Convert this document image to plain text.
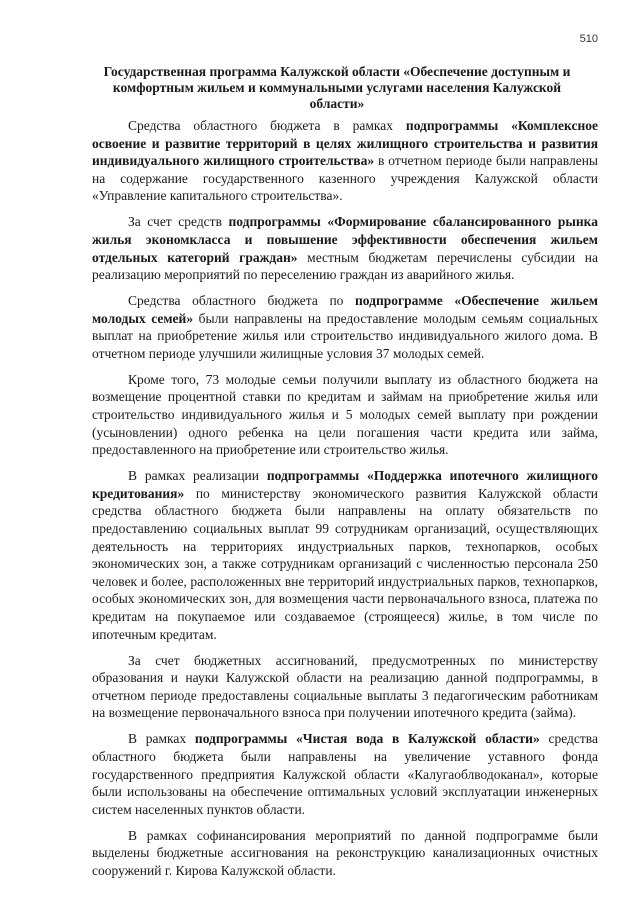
510
Государственная программа Калужской области «Обеспечение доступным и комфортным жильем и коммунальными услугами населения Калужской области»

Средства областного бюджета в рамках подпрограммы «Комплексное освоение и развитие территорий в целях жилищного строительства и развития индивидуального жилищного строительства» в отчетном периоде были направлены на содержание государственного казенного учреждения Калужской области «Управление капитального строительства».

За счет средств подпрограммы «Формирование сбалансированного рынка жилья экономкласса и повышение эффективности обеспечения жильем отдельных категорий граждан» местным бюджетам перечислены субсидии на реализацию мероприятий по переселению граждан из аварийного жилья.

Средства областного бюджета по подпрограмме «Обеспечение жильем молодых семей» были направлены на предоставление молодым семьям социальных выплат на приобретение жилья или строительство индивидуального жилого дома. В отчетном периоде улучшили жилищные условия 37 молодых семей.

Кроме того, 73 молодые семьи получили выплату из областного бюджета на возмещение процентной ставки по кредитам и займам на приобретение жилья или строительство индивидуального жилья и 5 молодых семей выплату при рождении (усыновлении) одного ребенка на цели погашения части кредита или займа, предоставленного на приобретение или строительство жилья.

В рамках реализации подпрограммы «Поддержка ипотечного жилищного кредитования» по министерству экономического развития Калужской области средства областного бюджета были направлены на оплату обязательств по предоставлению социальных выплат 99 сотрудникам организаций, осуществляющих деятельность на территориях индустриальных парков, технопарков, особых экономических зон, а также сотрудникам организаций с численностью персонала 250 человек и более, расположенных вне территорий индустриальных парков, технопарков, особых экономических зон, для возмещения части первоначального взноса, платежа по кредитам на покупаемое или создаваемое (строящееся) жилье, в том числе по ипотечным кредитам.

За счет бюджетных ассигнований, предусмотренных по министерству образования и науки Калужской области на реализацию данной подпрограммы, в отчетном периоде предоставлены социальные выплаты 3 педагогическим работникам на возмещение первоначального взноса при получении ипотечного кредита (займа).

В рамках подпрограммы «Чистая вода в Калужской области» средства областного бюджета были направлены на увеличение уставного фонда государственного предприятия Калужской области «Калугаоблводоканал», которые были использованы на обеспечение оптимальных условий эксплуатации инженерных систем населенных пунктов области.

В рамках софинансирования мероприятий по данной подпрограмме были выделены бюджетные ассигнования на реконструкцию канализационных очистных сооружений г. Кирова Калужской области.
